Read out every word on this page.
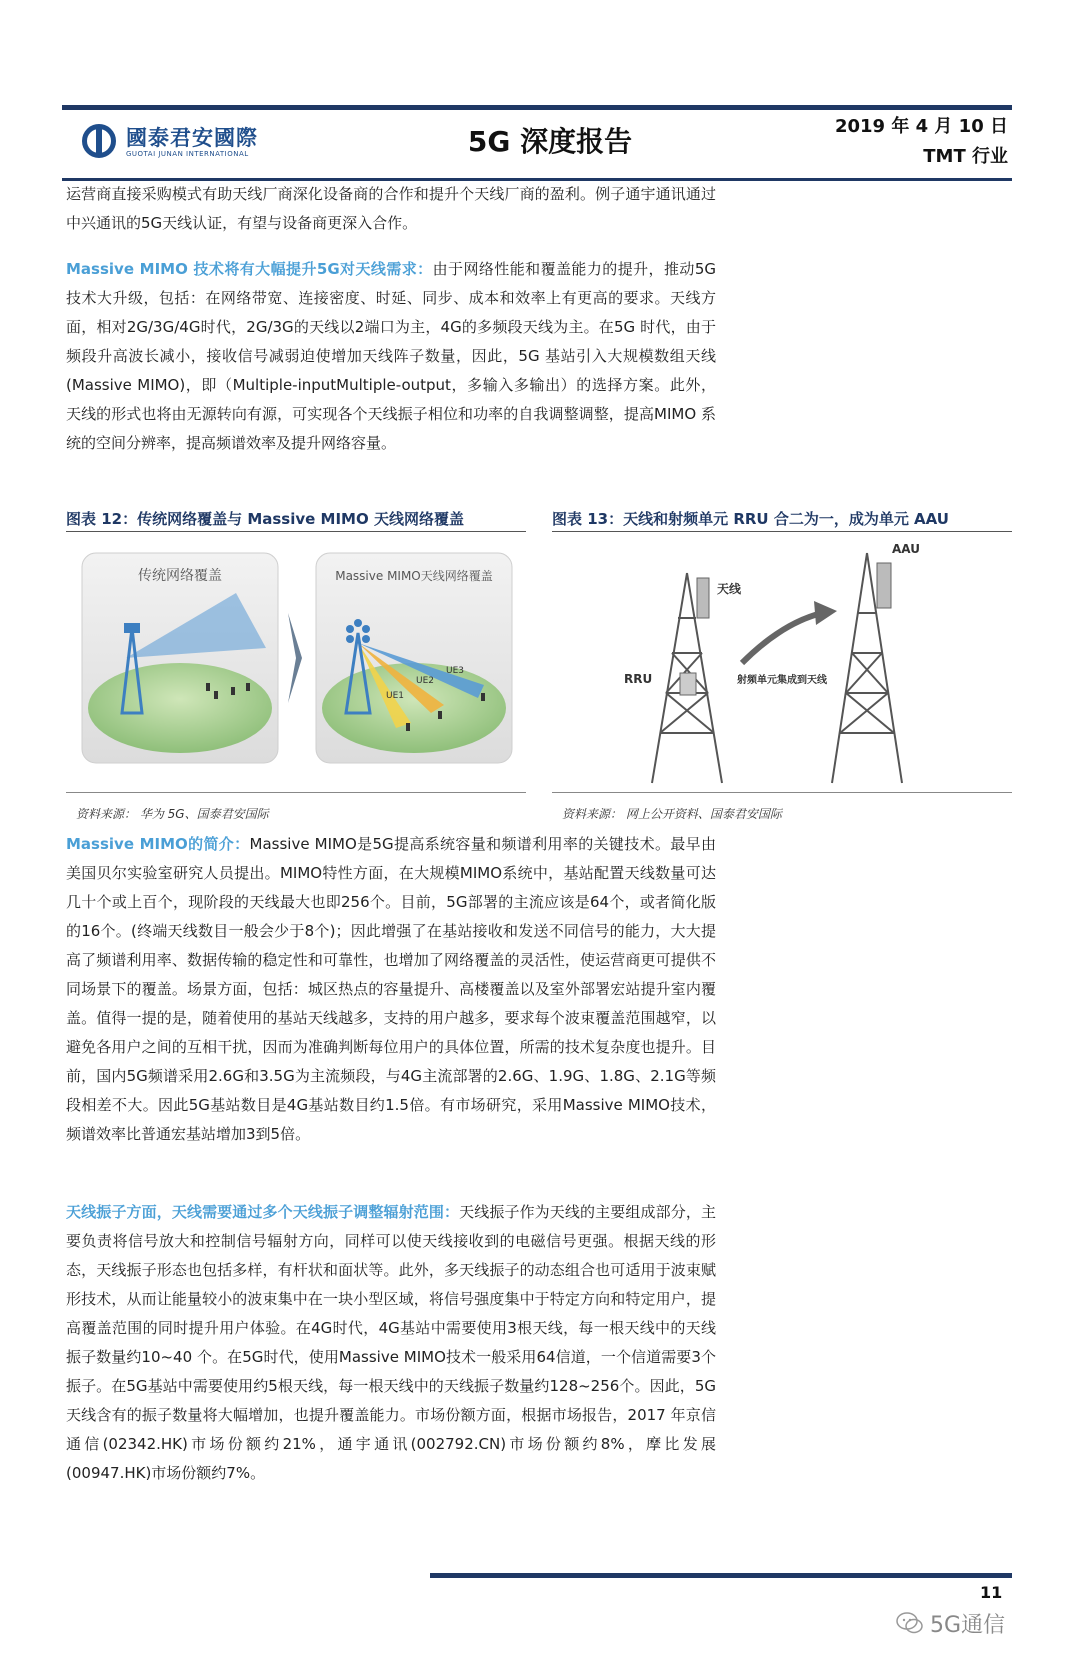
國泰君安國際
GUOTAI JUNAN INTERNATIONAL	5G 深度报告	2019 年 4 月 10 日
TMT 行业

运营商直接采购模式有助天线厂商深化设备商的合作和提升个天线厂商的盈利。例子通宇通讯通过中兴通讯的5G天线认证，有望与设备商更深入合作。

Massive MIMO 技术将有大幅提升5G对天线需求：由于网络性能和覆盖能力的提升，推动5G 技术大升级，包括：在网络带宽、连接密度、时延、同步、成本和效率上有更高的要求。天线方面，相对2G/3G/4G时代，2G/3G的天线以2端口为主，4G的多频段天线为主。在5G 时代，由于频段升高波长减小，接收信号减弱迫使增加天线阵子数量，因此，5G 基站引入大规模数组天线(Massive MIMO)，即（Multiple-inputMultiple-output，多输入多输出）的选择方案。此外，天线的形式也将由无源转向有源，可实现各个天线振子相位和功率的自我调整调整，提高MIMO 系统的空间分辨率，提高频谱效率及提升网络容量。

图表 12：传统网络覆盖与 Massive MIMO 天线网络覆盖
传统网络覆盖	Massive MIMO天线网络覆盖
UE1
UE2
UE3
资料来源： 华为 5G、国泰君安国际
图表 13：天线和射频单元 RRU 合二为一，成为单元 AAU
天线
RRU	射频单元集成到天线
AAU
资料来源： 网上公开资料、国泰君安国际

Massive MIMO的简介：Massive MIMO是5G提高系统容量和频谱利用率的关键技术。最早由美国贝尔实验室研究人员提出。MIMO特性方面，在大规模MIMO系统中，基站配置天线数量可达几十个或上百个，现阶段的天线最大也即256个。目前，5G部署的主流应该是64个，或者简化版的16个。(终端天线数目一般会少于8个)；因此增强了在基站接收和发送不同信号的能力，大大提高了频谱利用率、数据传输的稳定性和可靠性，也增加了网络覆盖的灵活性，使运营商更可提供不同场景下的覆盖。场景方面，包括：城区热点的容量提升、高楼覆盖以及室外部署宏站提升室内覆盖。值得一提的是，随着使用的基站天线越多，支持的用户越多，要求每个波束覆盖范围越窄，以避免各用户之间的互相干扰，因而为准确判断每位用户的具体位置，所需的技术复杂度也提升。目前，国内5G频谱采用2.6G和3.5G为主流频段，与4G主流部署的2.6G、1.9G、1.8G、2.1G等频段相差不大。因此5G基站数目是4G基站数目约1.5倍。有市场研究，采用Massive MIMO技术，频谱效率比普通宏基站增加3到5倍。

天线振子方面，天线需要通过多个天线振子调整辐射范围：天线振子作为天线的主要组成部分，主要负责将信号放大和控制信号辐射方向，同样可以使天线接收到的电磁信号更强。根据天线的形态，天线振子形态也包括多样，有杆状和面状等。此外，多天线振子的动态组合也可适用于波束赋形技术，从而让能量较小的波束集中在一块小型区域，将信号强度集中于特定方向和特定用户，提高覆盖范围的同时提升用户体验。在4G时代，4G基站中需要使用3根天线，每一根天线中的天线振子数量约10~40 个。在5G时代，使用Massive MIMO技术一般采用64信道，一个信道需要3个振子。在5G基站中需要使用约5根天线，每一根天线中的天线振子数量约128~256个。因此，5G天线含有的振子数量将大幅增加，也提升覆盖能力。市场份额方面，根据市场报告，2017 年京信通信(02342.HK)市场份额约21%，通宇通讯(002792.CN)市场份额约8%，摩比发展(00947.HK)市场份额约7%。

11
5G通信
